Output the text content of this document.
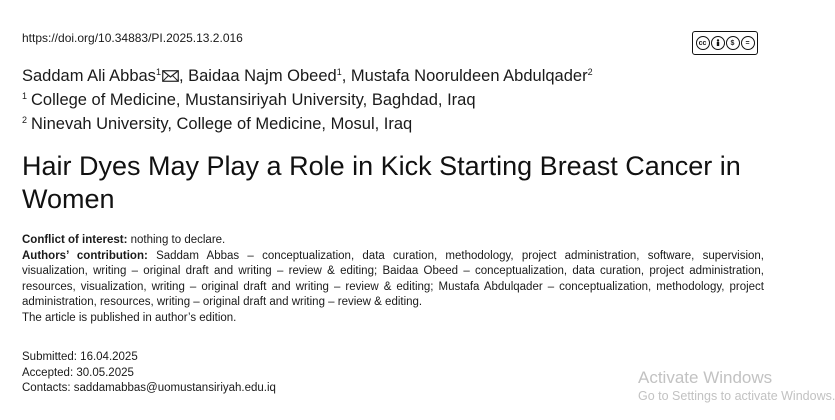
https://doi.org/10.34883/PI.2025.13.2.016	cc	$	=
Saddam Ali Abbas$^1$ , Baidaa Najm Obeed$^1$, Mustafa Nooruldeen Abdulqader$^2$
$^1$ College of Medicine, Mustansiriyah University, Baghdad, Iraq
$^2$ Ninevah University, College of Medicine, Mosul, Iraq
Hair Dyes May Play a Role in Kick Starting Breast Cancer in Women
Conflict of interest: nothing to declare.
Authors’ contribution: Saddam Abbas – conceptualization, data curation, methodology, project administration, software, supervision, visualization, writing – original draft and writing – review & editing; Baidaa Obeed – conceptualization, data curation, project administration, resources, visualization, writing – original draft and writing – review & editing; Mustafa Abdulqader – conceptualization, methodology, project administration, resources, writing – original draft and writing – review & editing.
The article is published in author’s edition.
Submitted: 16.04.2025
Accepted: 30.05.2025
Contacts: saddamabbas@uomustansiriyah.edu.iq
Activate Windows
Go to Settings to activate Windows.
